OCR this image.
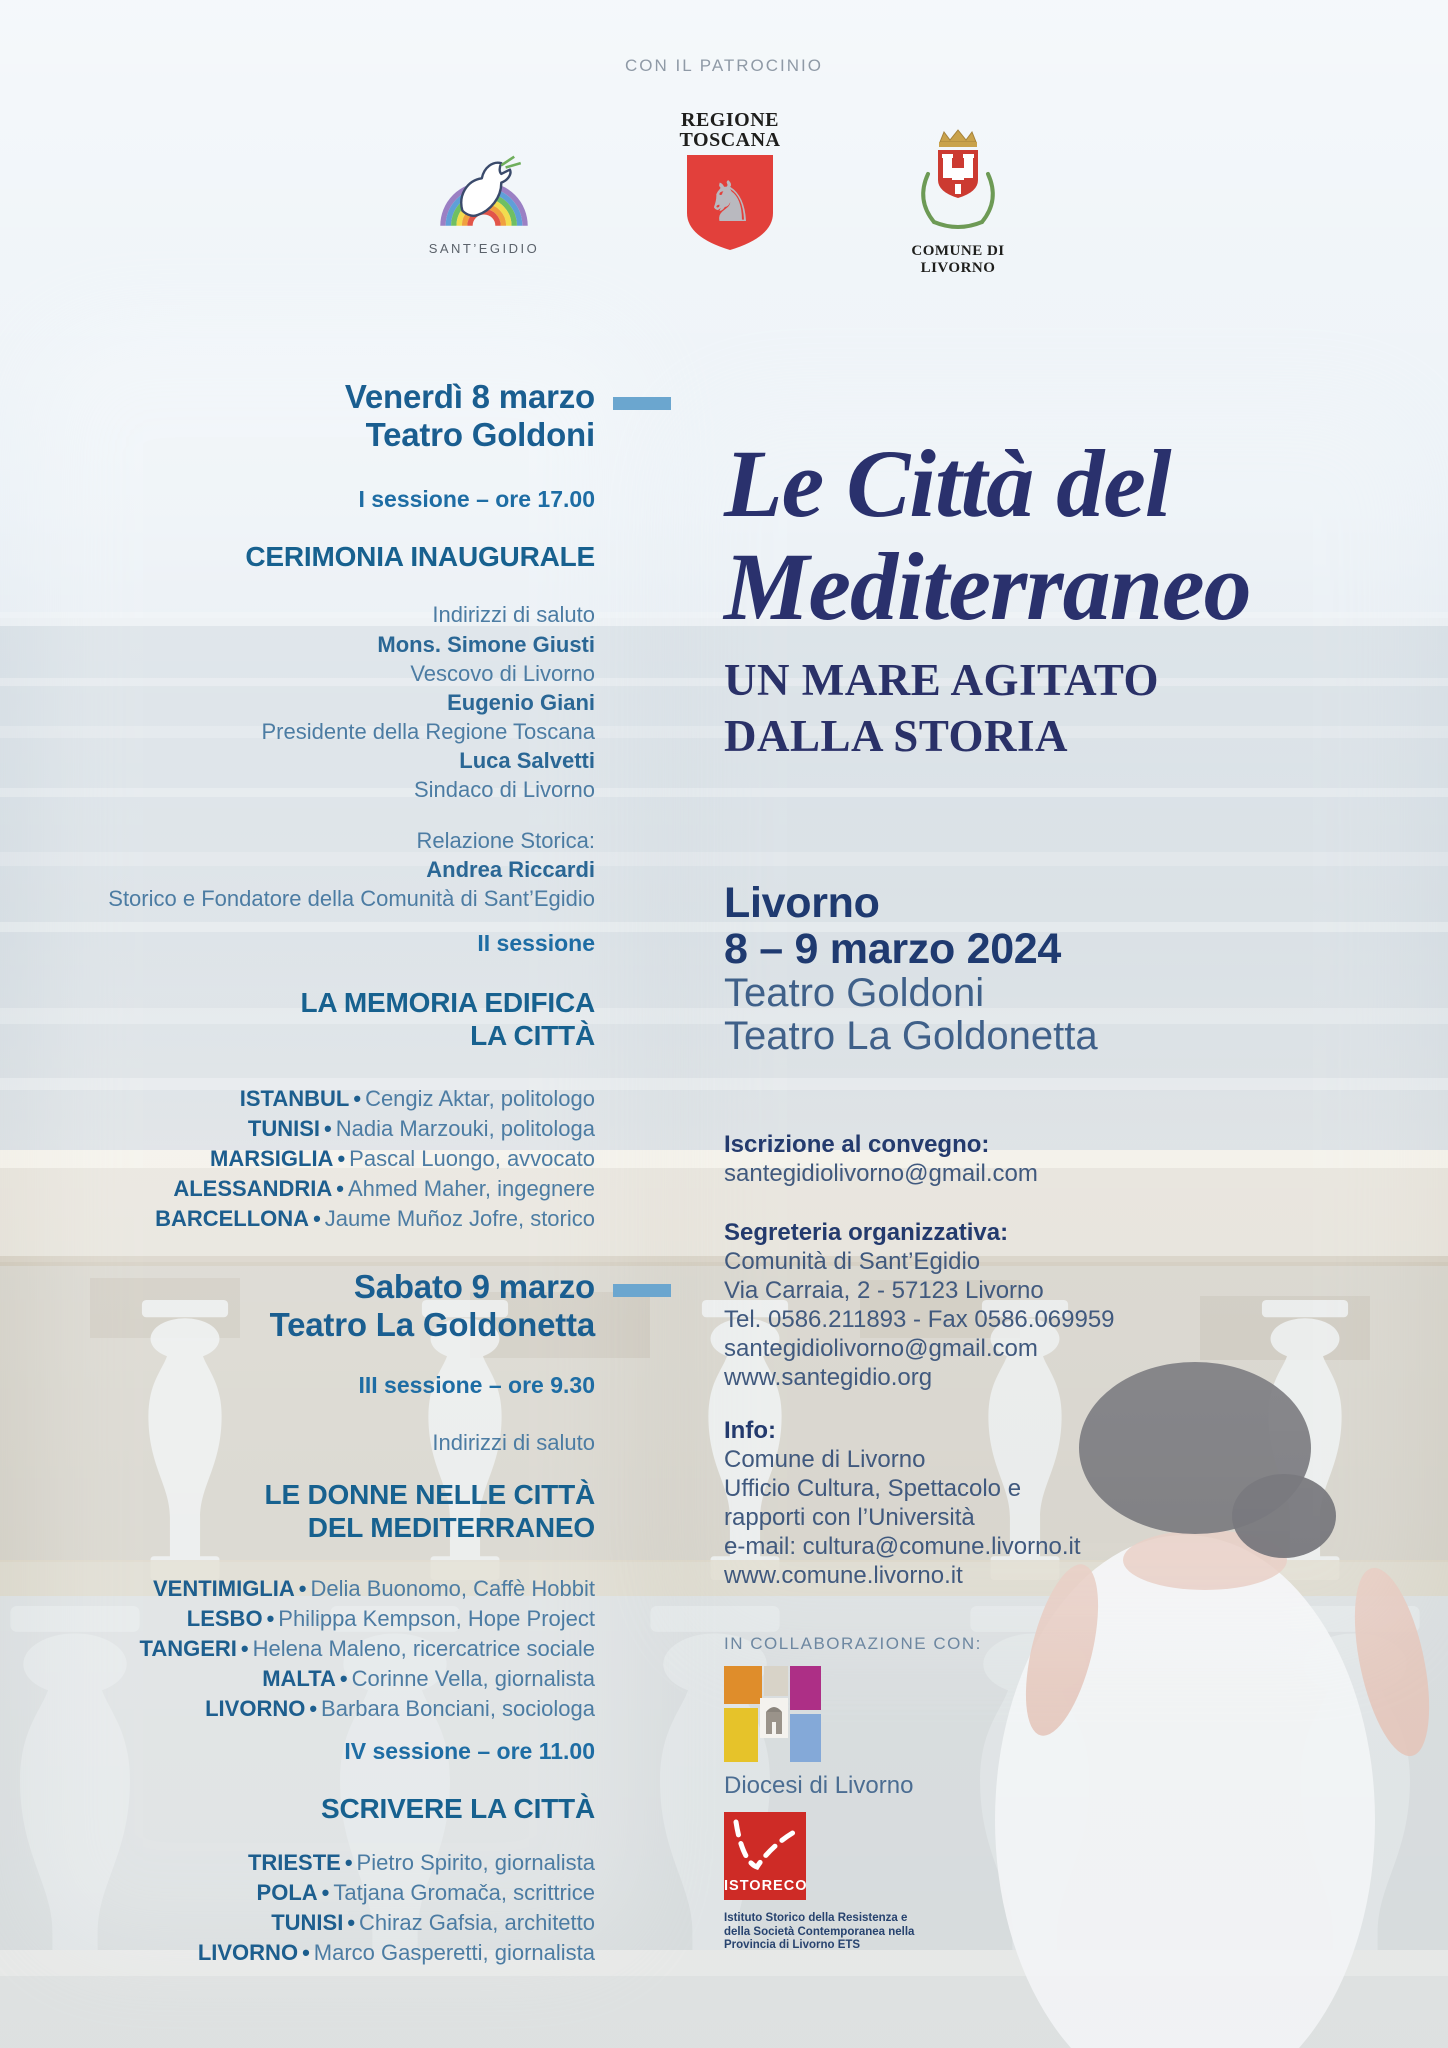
CON IL PATROCINIO
SANT’EGIDIO
REGIONE
TOSCANA
♞
COMUNE DI LIVORNO

Venerdì 8 marzo

Teatro Goldoni

I sessione – ore 17.00

CERIMONIA INAUGURALE

Indirizzi di saluto

Mons. Simone Giusti

Vescovo di Livorno

Eugenio Giani

Presidente della Regione Toscana

Luca Salvetti

Sindaco di Livorno

Relazione Storica:

Andrea Riccardi

Storico e Fondatore della Comunità di Sant’Egidio

II sessione

LA MEMORIA EDIFICA

LA CITTÀ

ISTANBUL • Cengiz Aktar, politologo

TUNISI • Nadia Marzouki, politologa

MARSIGLIA • Pascal Luongo, avvocato

ALESSANDRIA • Ahmed Maher, ingegnere

BARCELLONA • Jaume Muñoz Jofre, storico

Sabato 9 marzo

Teatro La Goldonetta

III sessione – ore 9.30

Indirizzi di saluto

LE DONNE NELLE CITTÀ

DEL MEDITERRANEO

VENTIMIGLIA • Delia Buonomo, Caffè Hobbit

LESBO • Philippa Kempson, Hope Project

TANGERI • Helena Maleno, ricercatrice sociale

MALTA • Corinne Vella, giornalista

LIVORNO • Barbara Bonciani, sociologa

IV sessione – ore 11.00

SCRIVERE LA CITTÀ

TRIESTE • Pietro Spirito, giornalista

POLA • Tatjana Gromača, scrittrice

TUNISI • Chiraz Gafsia, architetto

LIVORNO • Marco Gasperetti, giornalista

Le Città del

Mediterraneo

UN MARE AGITATO

DALLA STORIA

Livorno

8 – 9 marzo 2024

Teatro Goldoni

Teatro La Goldonetta

Iscrizione al convegno:

santegidiolivorno@gmail.com

Segreteria organizzativa:

Comunità di Sant’Egidio

Via Carraia, 2 - 57123 Livorno

Tel. 0586.211893 - Fax 0586.069959

santegidiolivorno@gmail.com

www.santegidio.org

Info:

Comune di Livorno

Ufficio Cultura, Spettacolo e

rapporti con l’Università

e-mail: cultura@comune.livorno.it

www.comune.livorno.it

IN COLLABORAZIONE CON:
Diocesi di Livorno
ISTORECO

Istituto Storico della Resistenza e

della Società Contemporanea nella

Provincia di Livorno ETS
